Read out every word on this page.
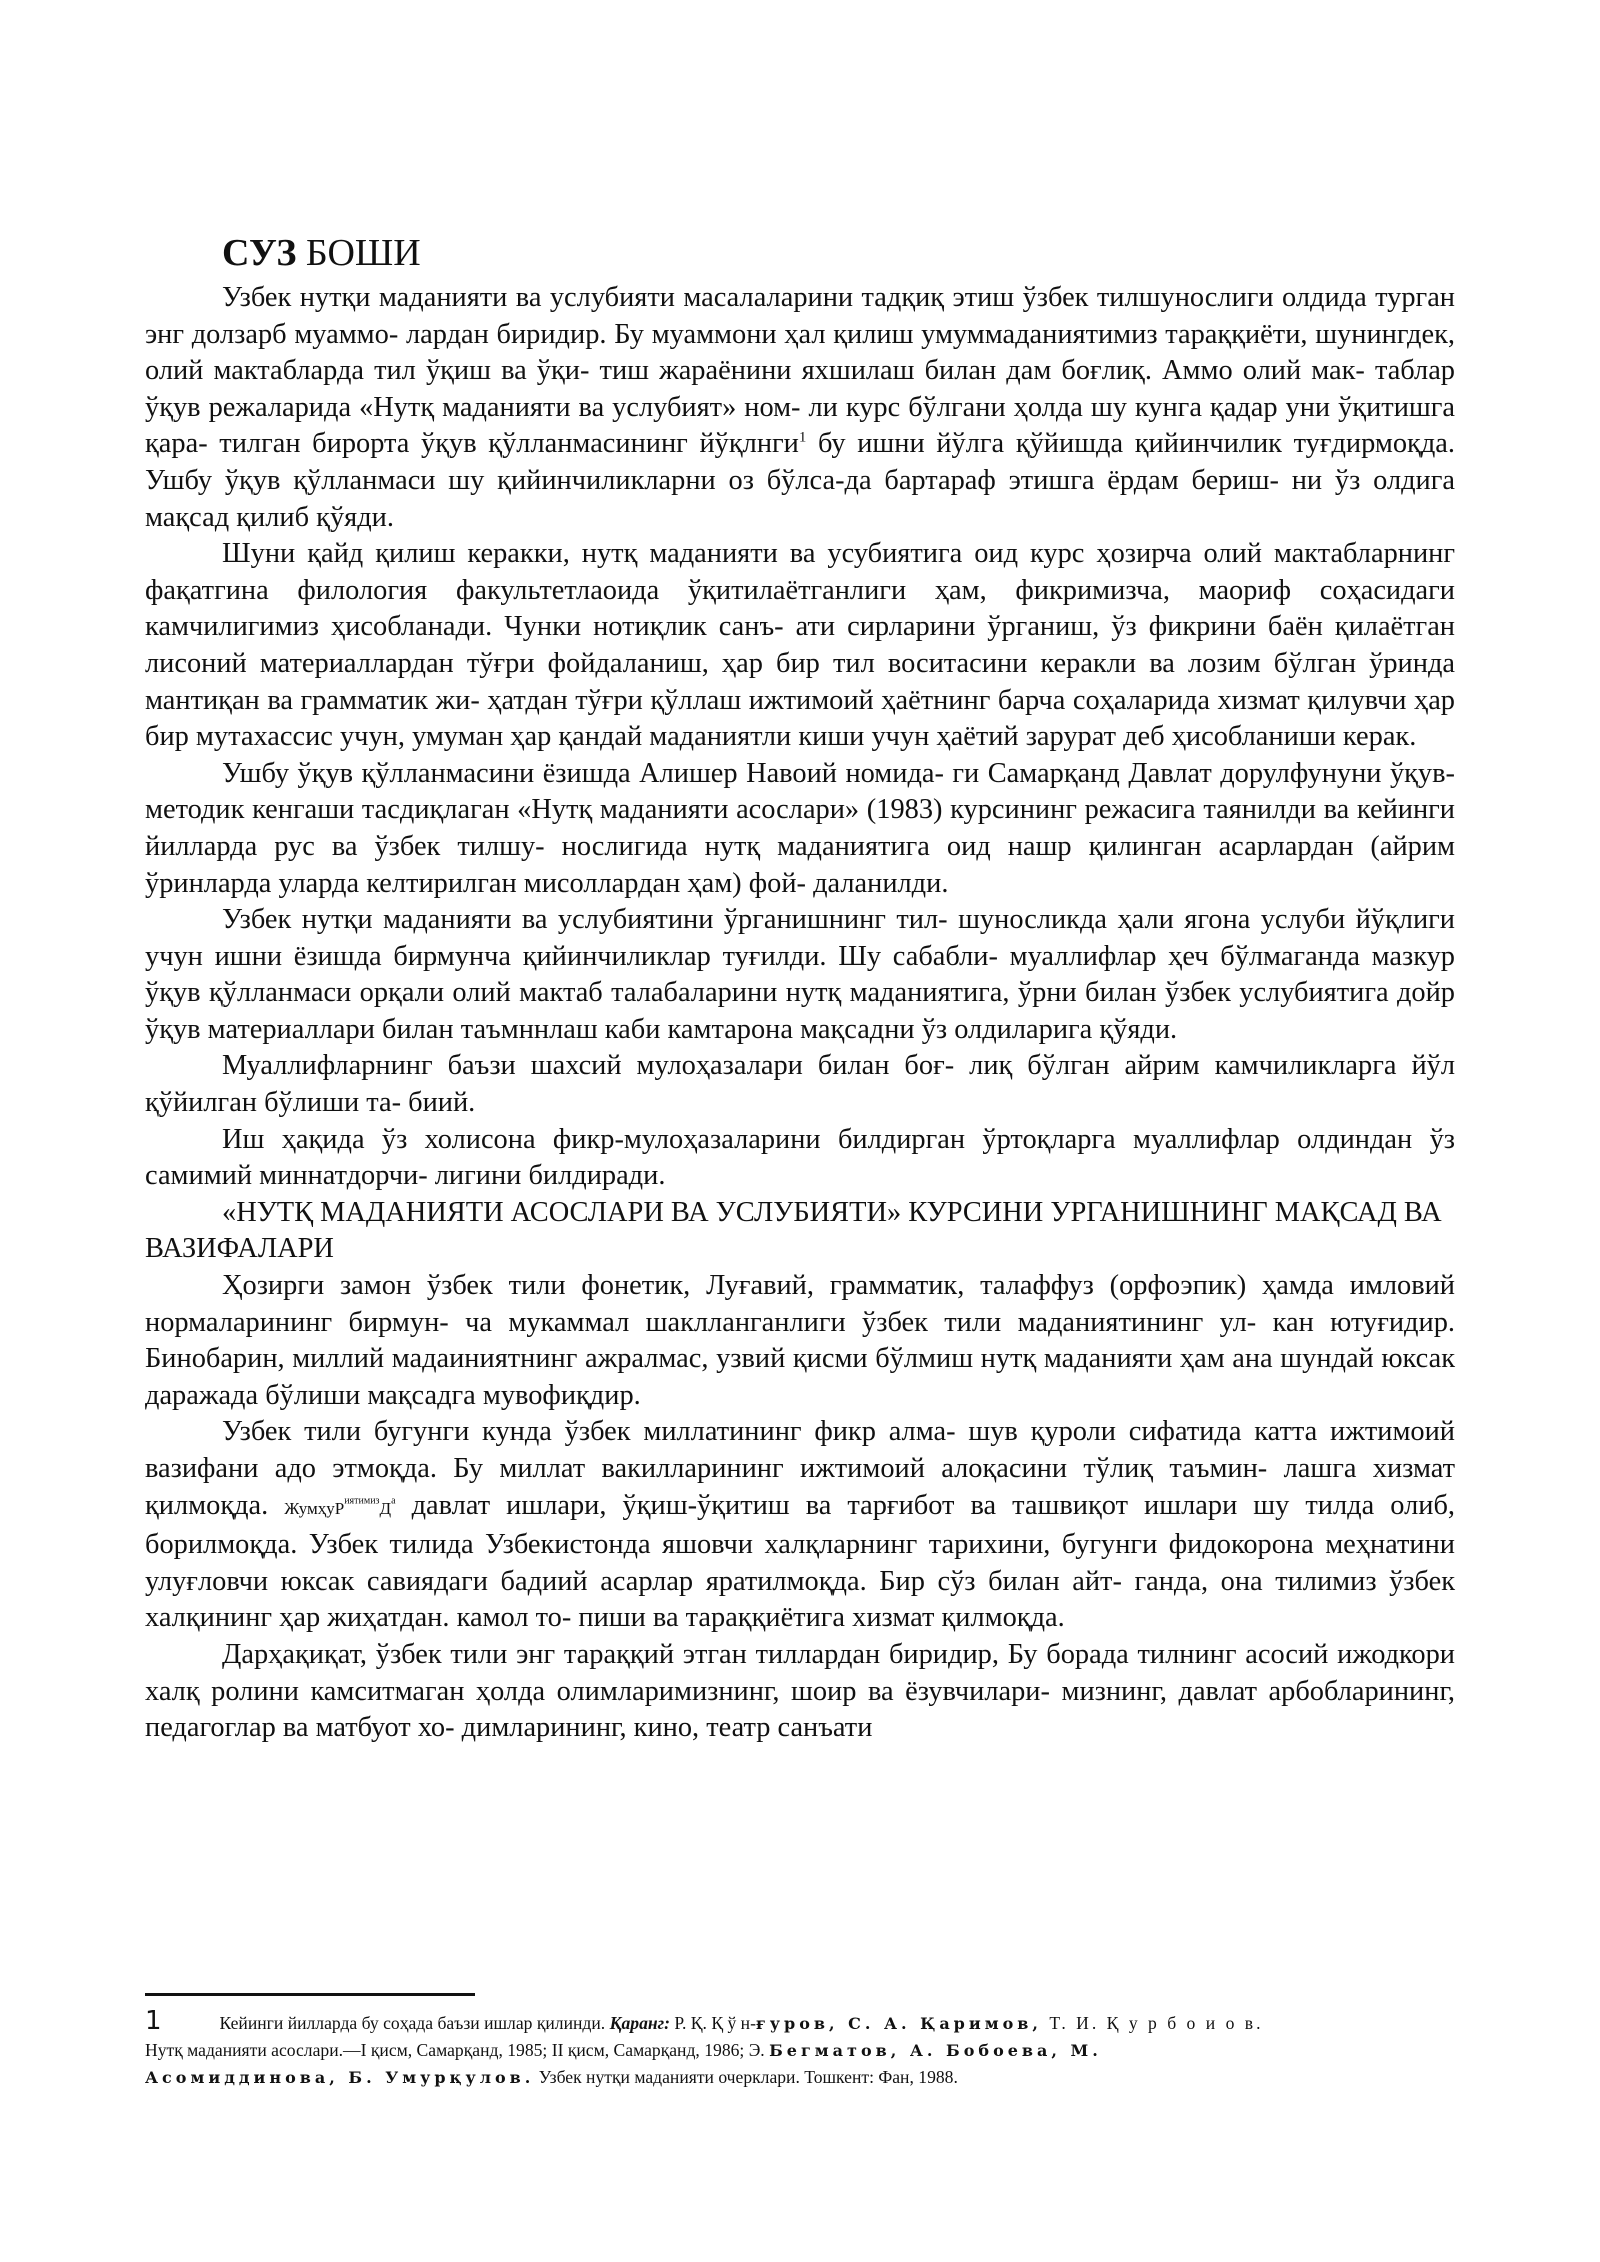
СУЗ БОШИ

Узбек нутқи маданияти ва услубияти масалаларини тадқиқ этиш ўзбек тилшунослиги олдида турган энг долзарб муаммо- лардан биридир. Бу муаммони ҳал қилиш умуммаданиятимиз тараққиёти, шунингдек, олий мактабларда тил ўқиш ва ўқи- тиш жараёнини яхшилаш билан дам боғлиқ. Аммо олий мак- таблар ўқув режаларида «Нутқ маданияти ва услубият» ном- ли курс бўлгани ҳолда шу кунга қадар уни ўқитишга қара- тилган бирорта ўқув қўлланмасининг йўқлнги$^1$ бу ишни йўлга қўйишда қийинчилик туғдирмоқда. Ушбу ўқув қўлланмаси шу қийинчиликларни оз бўлса-да бартараф этишга ёрдам бериш- ни ўз олдига мақсад қилиб қўяди.

Шуни қайд қилиш керакки, нутқ маданияти ва усубиятига оид курс ҳозирча олий мактабларнинг фақатгина филология факультетлаоида ўқитилаётганлиги ҳам, фикримизча, маориф соҳасидаги камчилигимиз ҳисобланади. Чунки нотиқлик санъ- ати сирларини ўрганиш, ўз фикрини баён қилаётган лисоний материаллардан тўғри фойдаланиш, ҳар бир тил воситасини керакли ва лозим бўлган ўринда мантиқан ва грамматик жи- ҳатдан тўғри қўллаш ижтимоий ҳаётнинг барча соҳаларида хизмат қилувчи ҳар бир мутахассис учун, умуман ҳар қандай маданиятли киши учун ҳаётий зарурат деб ҳисобланиши керак.

Ушбу ўқув қўлланмасини ёзишда Алишер Навоий номида- ги Самарқанд Давлат дорулфунуни ўқув-методик кенгаши тасдиқлаган «Нутқ маданияти асослари» (1983) курсининг режасига таянилди ва кейинги йилларда рус ва ўзбек тилшу- нослигида нутқ маданиятига оид нашр қилинган асарлардан (айрим ўринларда уларда келтирилган мисоллардан ҳам) фой- даланилди.

Узбек нутқи маданияти ва услубиятини ўрганишнинг тил- шуносликда ҳали ягона услуби йўқлиги учун ишни ёзишда бирмунча қийинчиликлар туғилди. Шу сабабли- муаллифлар ҳеч бўлмаганда мазкур ўқув қўлланмаси орқали олий мактаб талабаларини нутқ маданиятига, ўрни билан ўзбек услубиятига дойр ўқув материаллари билан таъмннлаш каби камтарона мақсадни ўз олдиларига қўяди.

Муаллифларнинг баъзи шахсий мулоҳазалари билан боғ- лиқ бўлган айрим камчиликларга йўл қўйилган бўлиши та- биий.

Иш ҳақида ўз холисона фикр-мулоҳазаларини билдирган ўртоқларга муаллифлар олдиндан ўз самимий миннатдорчи- лигини билдиради.

«НУТҚ МАДАНИЯТИ АСОСЛАРИ ВА УСЛУБИЯТИ» КУРСИНИ УРГАНИШНИНГ МАҚСАД ВА ВАЗИФАЛАРИ

Ҳозирги замон ўзбек тили фонетик, Луғавий, грамматик, талаффуз (орфоэпик) ҳамда имловий нормаларининг бирмун- ча мукаммал шаклланганлиги ўзбек тили маданиятининг ул- кан ютуғидир. Бинобарин, миллий мадаиниятнинг ажралмас, узвий қисми бўлмиш нутқ маданияти ҳам ана шундай юксак даражада бўлиши мақсадга мувофиқдир.

Узбек тили бугунги кунда ўзбек миллатининг фикр алма- шув қуроли сифатида катта ижтимоий вазифани адо этмоқда. Бу миллат вакилларининг ижтимоий алоқасини тўлиқ таъмин- лашга хизмат қилмоқда. $ЖумҳуР^{иятимиз}Д^а$ давлат ишлари, ўқиш-ўқитиш ва тарғибот ва ташвиқот ишлари шу тилда олиб, борилмоқда. Узбек тилида Узбекистонда яшовчи халқларнинг тарихини, бугунги фидокорона меҳнатини улуғловчи юксак савиядаги бадиий асарлар яратилмоқда. Бир сўз билан айт- ганда, она тилимиз ўзбек халқининг ҳар жиҳатдан. камол то- пиши ва тараққиётига хизмат қилмоқда.

Дарҳақиқат, ўзбек тили энг тараққий этган тиллардан биридир, Бу борада тилнинг асосий ижодкори халқ ролини камситмаган ҳолда олимларимизнинг, шоир ва ёзувчилари- мизнинг, давлат арбобларининг, педагоглар ва матбуот хо- димларининг, кино, театр санъати

1	Кейинги йилларда бу соҳада баъзи ишлар қилинди. Қаранг: Р. Қ. Қ ў н-ғуров, С. А. Қаримов, Т. И. Қ у р б о и о в.
Нутқ маданияти асослари.—I қисм, Самарқанд, 1985; II қисм, Самарқанд, 1986; Э. Бегматов, А. Бобоева, М.
Асомиддинова, Б. Умурқулов. Узбек нутқи маданияти очерклари. Тошкент: Фан, 1988.
